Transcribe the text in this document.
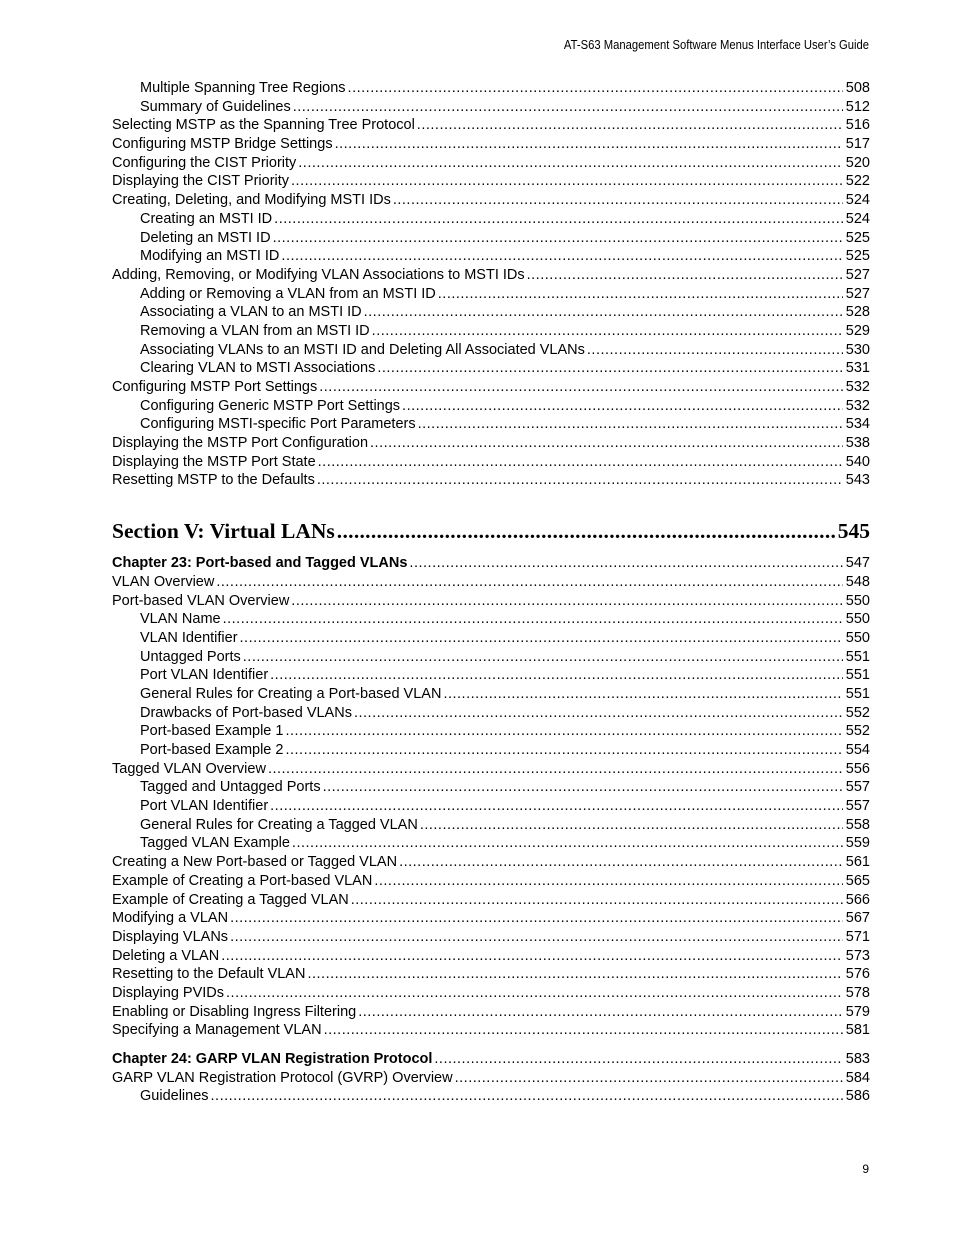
AT-S63 Management Software Menus Interface User’s Guide
Multiple Spanning Tree Regions .....	508
Summary of Guidelines .....	512
Selecting MSTP as the Spanning Tree Protocol .....	516
Configuring MSTP Bridge Settings .....	517
Configuring the CIST Priority .....	520
Displaying the CIST Priority .....	522
Creating, Deleting, and Modifying MSTI IDs .....	524
Creating an MSTI ID .....	524
Deleting an MSTI ID .....	525
Modifying an MSTI ID .....	525
Adding, Removing, or Modifying VLAN Associations to MSTI IDs .....	527
Adding or Removing a VLAN from an MSTI ID .....	527
Associating a VLAN to an MSTI ID .....	528
Removing a VLAN from an MSTI ID .....	529
Associating VLANs to an MSTI ID and Deleting All Associated VLANs .....	530
Clearing VLAN to MSTI Associations .....	531
Configuring MSTP Port Settings .....	532
Configuring Generic MSTP Port Settings .....	532
Configuring MSTI-specific Port Parameters .....	534
Displaying the MSTP Port Configuration .....	538
Displaying the MSTP Port State .....	540
Resetting MSTP to the Defaults .....	543
Section V: Virtual LANs .....	545
Chapter 23: Port-based and Tagged VLANs .....	547
VLAN Overview .....	548
Port-based VLAN Overview .....	550
VLAN Name .....	550
VLAN Identifier .....	550
Untagged Ports .....	551
Port VLAN Identifier .....	551
General Rules for Creating a Port-based VLAN .....	551
Drawbacks of Port-based VLANs .....	552
Port-based Example 1 .....	552
Port-based Example 2 .....	554
Tagged VLAN Overview .....	556
Tagged and Untagged Ports .....	557
Port VLAN Identifier .....	557
General Rules for Creating a Tagged VLAN .....	558
Tagged VLAN Example .....	559
Creating a New Port-based or Tagged VLAN .....	561
Example of Creating a Port-based VLAN .....	565
Example of Creating a Tagged VLAN .....	566
Modifying a VLAN .....	567
Displaying VLANs .....	571
Deleting a VLAN .....	573
Resetting to the Default VLAN .....	576
Displaying PVIDs .....	578
Enabling or Disabling Ingress Filtering .....	579
Specifying a Management VLAN .....	581
Chapter 24: GARP VLAN Registration Protocol .....	583
GARP VLAN Registration Protocol (GVRP) Overview .....	584
Guidelines .....	586
9
